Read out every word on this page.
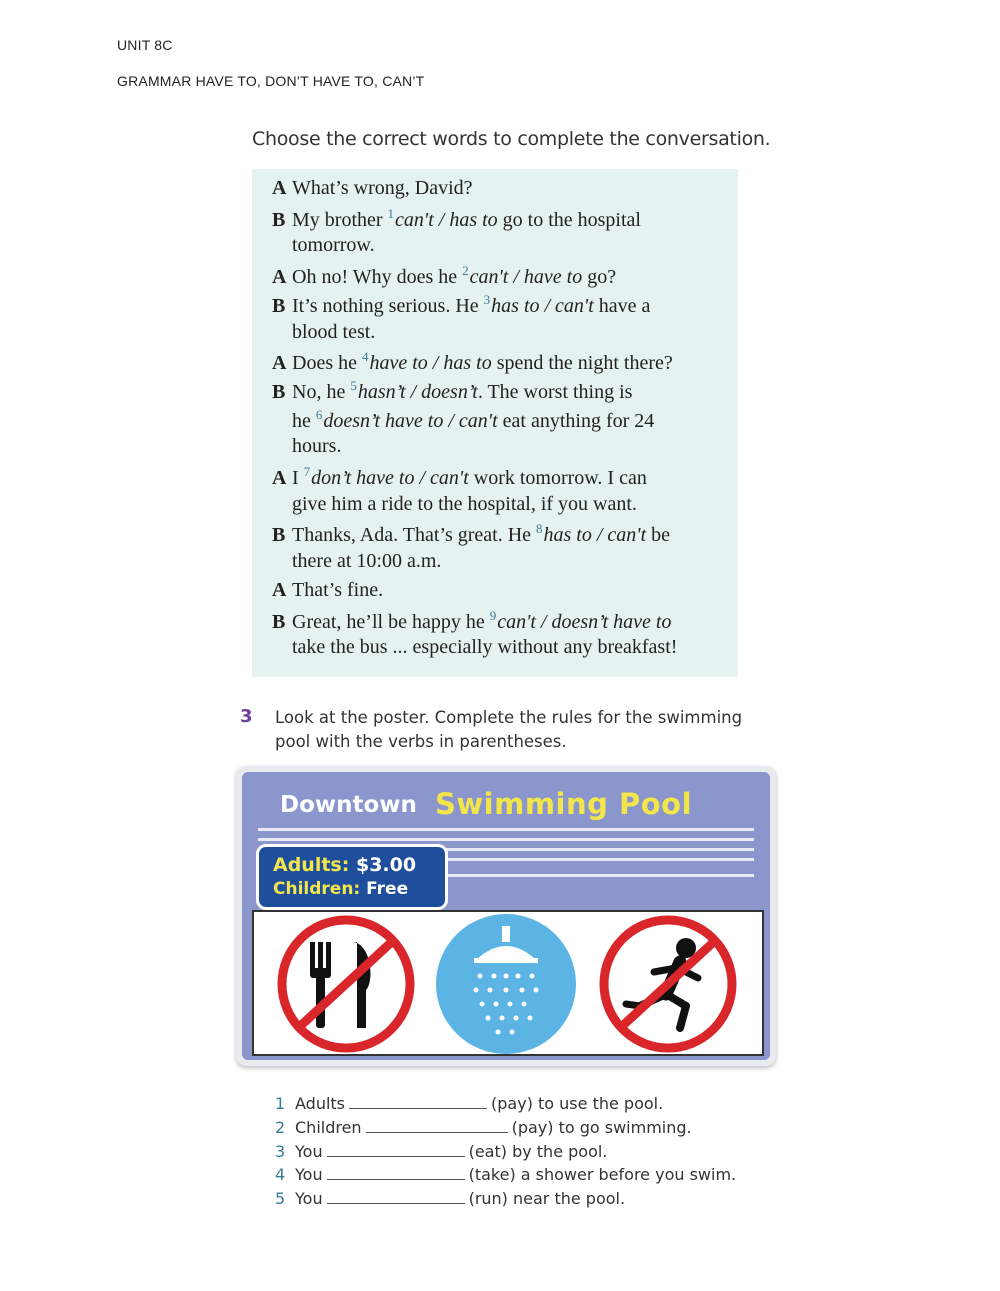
UNIT 8C
GRAMMAR HAVE TO, DON’T HAVE TO, CAN’T
Choose the correct words to complete the conversation.
A What’s wrong, David?
B My brother $^1$can't / has to go to the hospital
tomorrow.
A Oh no! Why does he $^2$can't / have to go?
B It’s nothing serious. He $^3$has to / can't have a
blood test.
A Does he $^4$have to / has to spend the night there?
B No, he $^5$hasn’t / doesn’t. The worst thing is
he $^6$doesn’t have to / can't eat anything for 24
hours.
A I $^7$don’t have to / can't work tomorrow. I can
give him a ride to the hospital, if you want.
B Thanks, Ada. That’s great. He $^8$has to / can't be
there at 10:00 a.m.
A That’s fine.
B Great, he’ll be happy he $^9$can't / doesn’t have to
take the bus ... especially without any breakfast!
3 Look at the poster. Complete the rules for the swimming
pool with the verbs in parentheses.
Downtown Swimming Pool
Adults: $3.00
Children: Free
1 Adults	(pay) to use the pool.
2 Children	(pay) to go swimming.
3 You	(eat) by the pool.
4 You	(take) a shower before you swim.
5 You	(run) near the pool.
